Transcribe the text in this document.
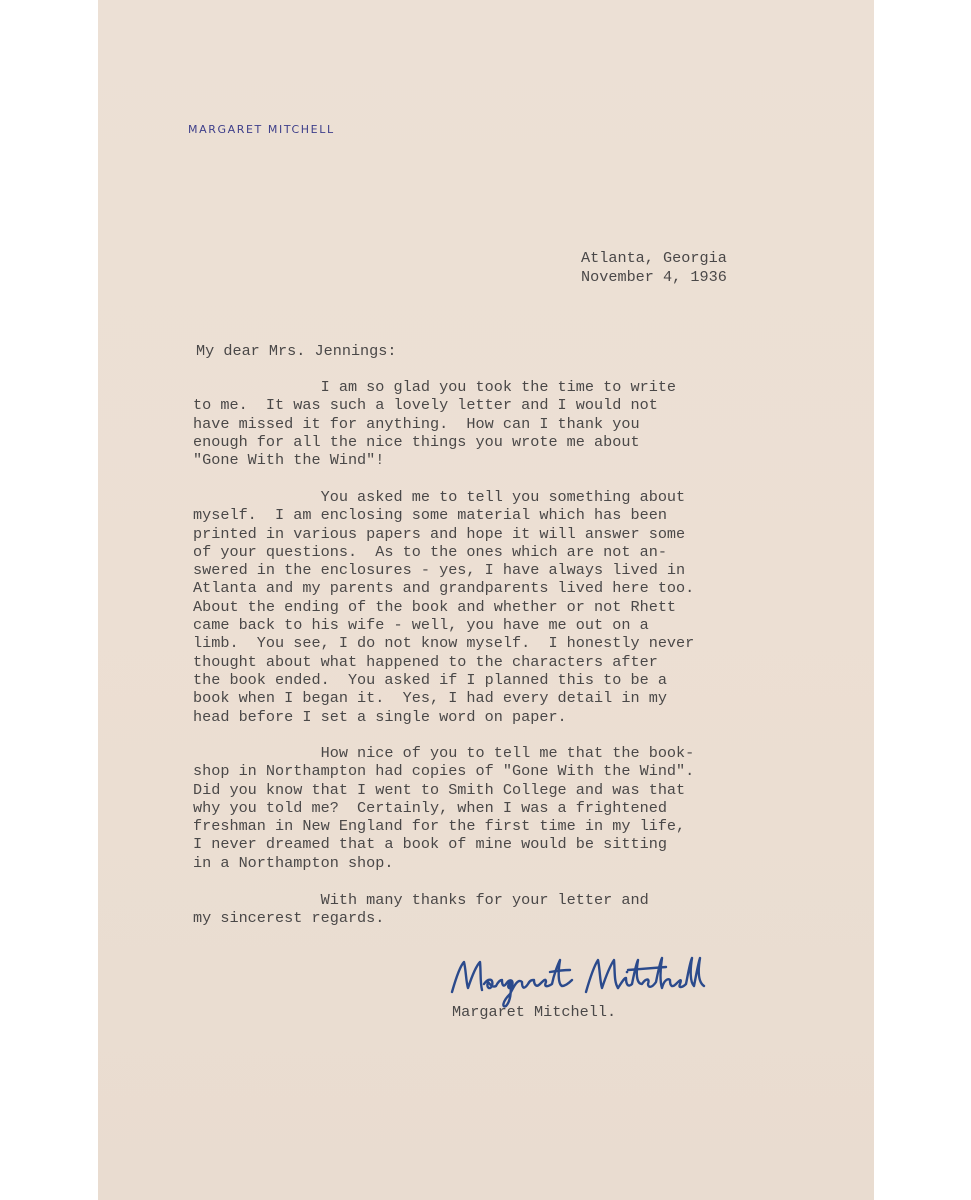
MARGARET MITCHELL
Atlanta, Georgia
November 4, 1936
My dear Mrs. Jennings:
I am so glad you took the time to write
to me.  It was such a lovely letter and I would not
have missed it for anything.  How can I thank you
enough for all the nice things you wrote me about
"Gone With the Wind"!
You asked me to tell you something about
myself.  I am enclosing some material which has been
printed in various papers and hope it will answer some
of your questions.  As to the ones which are not an-
swered in the enclosures - yes, I have always lived in
Atlanta and my parents and grandparents lived here too.
About the ending of the book and whether or not Rhett
came back to his wife - well, you have me out on a
limb.  You see, I do not know myself.  I honestly never
thought about what happened to the characters after
the book ended.  You asked if I planned this to be a
book when I began it.  Yes, I had every detail in my
head before I set a single word on paper.
How nice of you to tell me that the book-
shop in Northampton had copies of "Gone With the Wind".
Did you know that I went to Smith College and was that
why you told me?  Certainly, when I was a frightened
freshman in New England for the first time in my life,
I never dreamed that a book of mine would be sitting
in a Northampton shop.
With many thanks for your letter and
my sincerest regards.
Margaret Mitchell.
